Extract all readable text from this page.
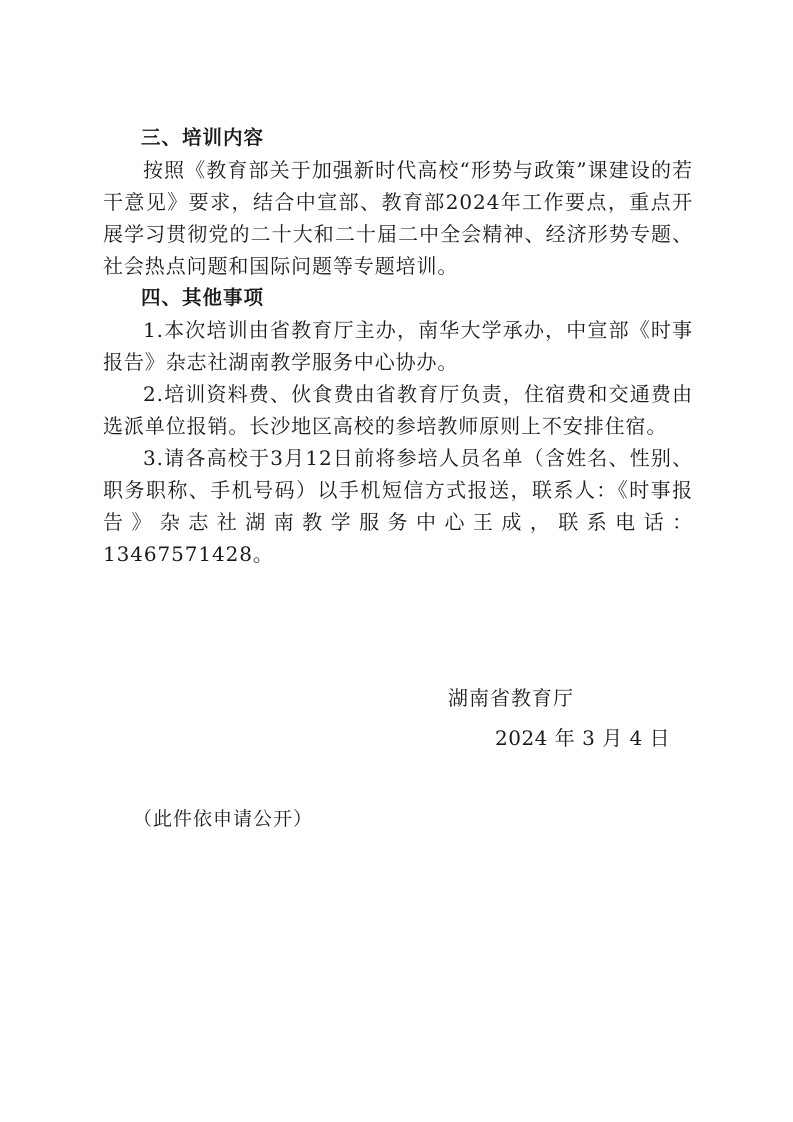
三、培训内容

按照《教育部关于加强新时代高校“形势与政策”课建设的若干意见》要求，结合中宣部、教育部2024年工作要点，重点开展学习贯彻党的二十大和二十届二中全会精神、经济形势专题、社会热点问题和国际问题等专题培训。

四、其他事项

1.本次培训由省教育厅主办，南华大学承办，中宣部《时事报告》杂志社湖南教学服务中心协办。

2.培训资料费、伙食费由省教育厅负责，住宿费和交通费由选派单位报销。长沙地区高校的参培教师原则上不安排住宿。

3.请各高校于3月12日前将参培人员名单（含姓名、性别、职务职称、手机号码）以手机短信方式报送，联系人：《时事报告》杂志社湖南教学服务中心王成，联系电话：13467571428。

湖南省教育厅
2024 年 3 月 4 日
（此件依申请公开）
